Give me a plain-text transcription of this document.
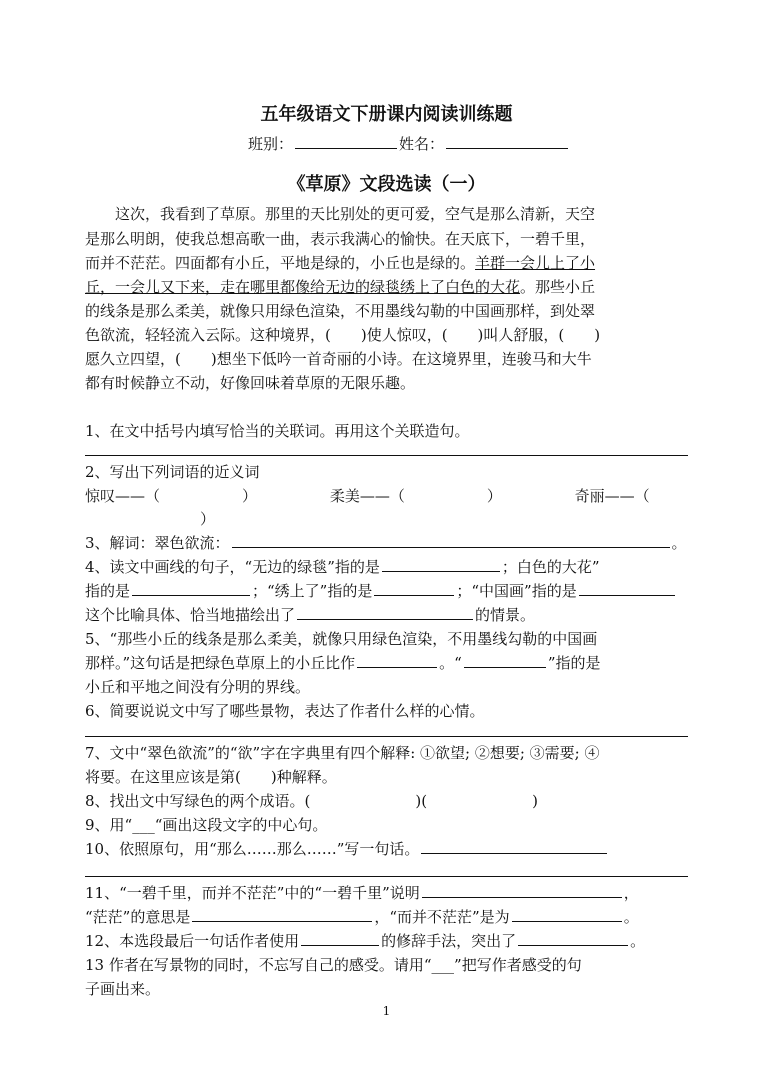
五年级语文下册课内阅读训练题
班别：	姓名：
《草原》文段选读（一）
这次，我看到了草原。那里的天比别处的更可爱，空气是那么清新，天空
是那么明朗，使我总想高歌一曲，表示我满心的愉快。在天底下，一碧千里，
而并不茫茫。四面都有小丘，平地是绿的，小丘也是绿的。羊群一会儿上了小
丘，一会儿又下来，走在哪里都像给无边的绿毯绣上了白色的大花。那些小丘
的线条是那么柔美，就像只用绿色渲染，不用墨线勾勒的中国画那样，到处翠
色欲流，轻轻流入云际。这种境界，(　　)使人惊叹，(　　)叫人舒服，(　　)
愿久立四望，(　　)想坐下低吟一首奇丽的小诗。在这境界里，连骏马和大牛
都有时候静立不动，好像回味着草原的无限乐趣。
1、在文中括号内填写恰当的关联词。再用这个关联造句。
2、写出下列词语的近义词
惊叹——（	）	柔美——（	）	奇丽——（
）
3、解词：翠色欲流：	。
4、读文中画线的句子，“无边的绿毯”指的是	；白色的大花”
指的是	；“绣上了”指的是	；“中国画”指的是
这个比喻具体、恰当地描绘出了	的情景。
5、“那些小丘的线条是那么柔美，就像只用绿色渲染，不用墨线勾勒的中国画
那样。”这句话是把绿色草原上的小丘比作	。“	”指的是
小丘和平地之间没有分明的界线。
6、简要说说文中写了哪些景物，表达了作者什么样的心情。
7、文中“翠色欲流”的“欲”字在字典里有四个解释: ①欲望; ②想要; ③需要; ④
将要。在这里应该是第(　　)种解释。
8、找出文中写绿色的两个成语。(　　　　　　　)(　　　　　　　)
9、用“___“画出这段文字的中心句。
10、依照原句，用“那么……那么……”写一句话。
11、“一碧千里，而并不茫茫”中的“一碧千里”说明	，
“茫茫”的意思是	，“而并不茫茫”是为	。
12、本选段最后一句话作者使用	的修辞手法，突出了	。
13 作者在写景物的同时，不忘写自己的感受。请用“___”把写作者感受的句
子画出来。
1
